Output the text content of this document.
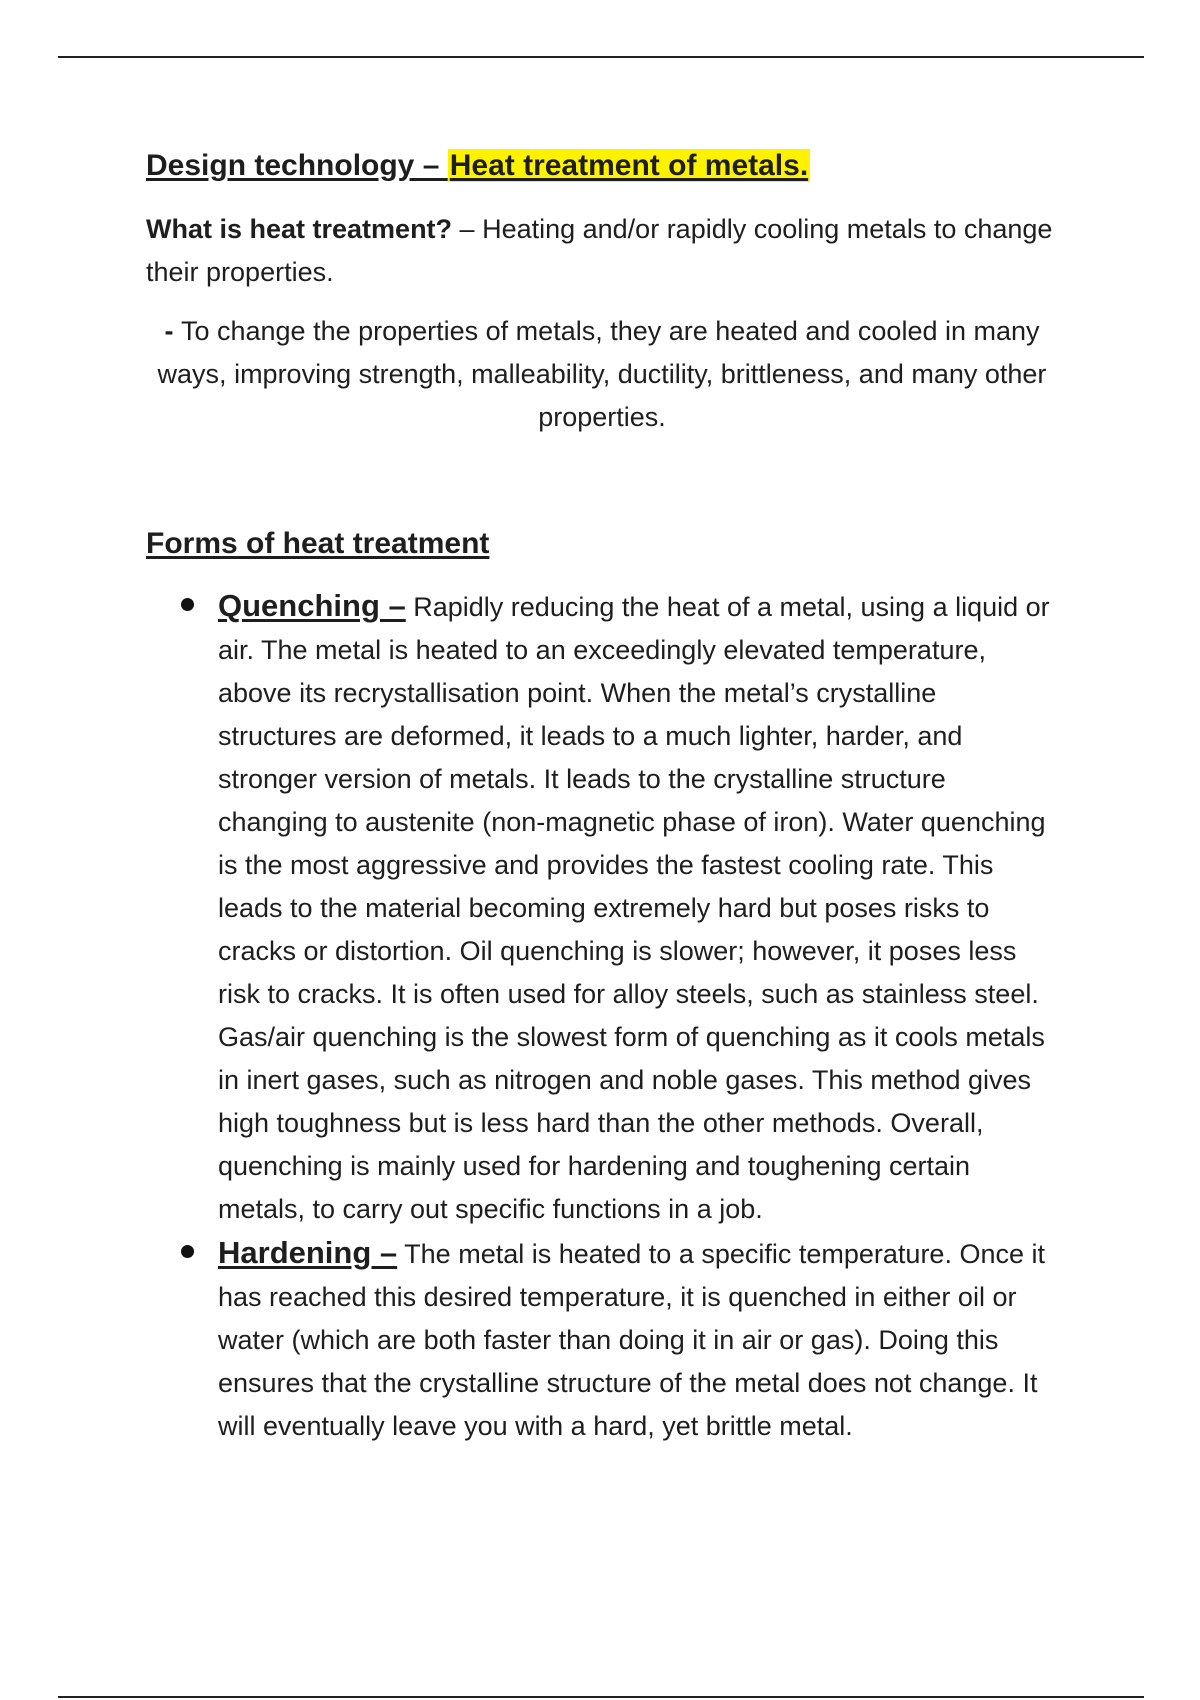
Design technology – Heat treatment of metals.

What is heat treatment? – Heating and/or rapidly cooling metals to change their properties.

- To change the properties of metals, they are heated and cooled in many ways, improving strength, malleability, ductility, brittleness, and many other properties.

Forms of heat treatment
Quenching – Rapidly reducing the heat of a metal, using a liquid or air. The metal is heated to an exceedingly elevated temperature, above its recrystallisation point. When the metal’s crystalline structures are deformed, it leads to a much lighter, harder, and stronger version of metals. It leads to the crystalline structure changing to austenite (non-magnetic phase of iron). Water quenching is the most aggressive and provides the fastest cooling rate. This leads to the material becoming extremely hard but poses risks to cracks or distortion. Oil quenching is slower; however, it poses less risk to cracks. It is often used for alloy steels, such as stainless steel. Gas/air quenching is the slowest form of quenching as it cools metals in inert gases, such as nitrogen and noble gases. This method gives high toughness but is less hard than the other methods. Overall, quenching is mainly used for hardening and toughening certain metals, to carry out specific functions in a job.
Hardening – The metal is heated to a specific temperature. Once it has reached this desired temperature, it is quenched in either oil or water (which are both faster than doing it in air or gas). Doing this ensures that the crystalline structure of the metal does not change. It will eventually leave you with a hard, yet brittle metal.
